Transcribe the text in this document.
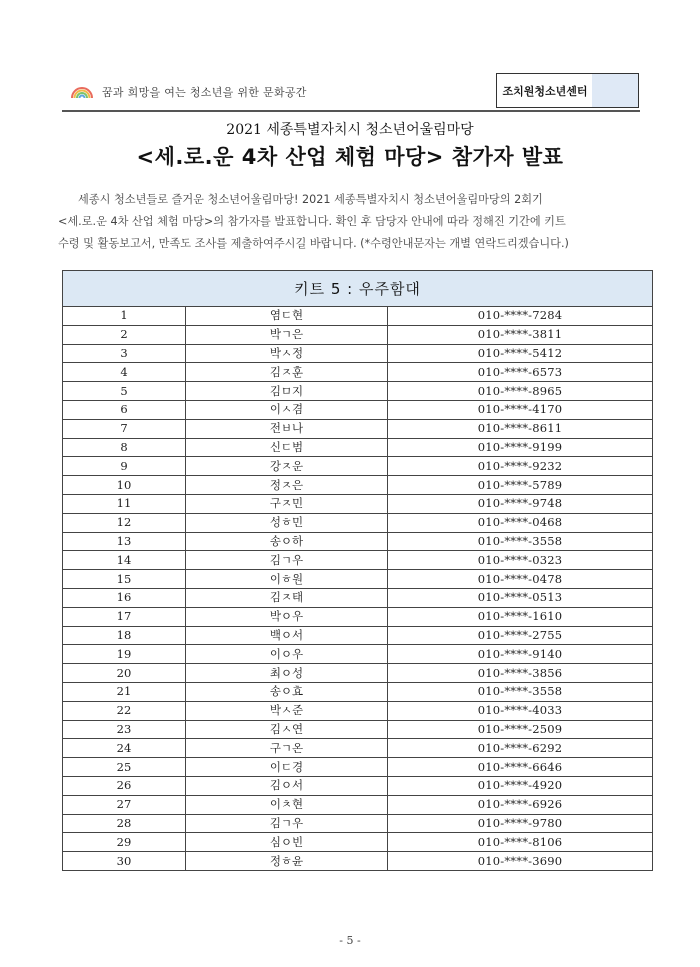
꿈과 희망을 여는 청소년을 위한 문화공간	조치원청소년센터
2021 세종특별자치시 청소년어울림마당
<세.로.운 4차 산업 체험 마당> 참가자 발표

세종시 청소년들로 즐거운 청소년어울림마당! 2021 세종특별자치시 청소년어울림마당의 2회기

<세.로.운 4차 산업 체험 마당>의 참가자를 발표합니다. 확인 후 담당자 안내에 따라 정해진 기간에 키트

수령 및 활동보고서, 만족도 조사를 제출하여주시길 바랍니다. (*수령안내문자는 개별 연락드리겠습니다.)

키트 5 : 우주함대		
1	염ㄷ현	010-****-7284
2	박ㄱ은	010-****-3811
3	박ㅅ정	010-****-5412
4	김ㅈ훈	010-****-6573
5	김ㅁ지	010-****-8965
6	이ㅅ겸	010-****-4170
7	전ㅂ나	010-****-8611
8	신ㄷ범	010-****-9199
9	강ㅈ운	010-****-9232
10	정ㅈ은	010-****-5789
11	구ㅈ민	010-****-9748
12	성ㅎ민	010-****-0468
13	송ㅇ하	010-****-3558
14	김ㄱ우	010-****-0323
15	이ㅎ원	010-****-0478
16	김ㅈ태	010-****-0513
17	박ㅇ우	010-****-1610
18	백ㅇ서	010-****-2755
19	이ㅇ우	010-****-9140
20	최ㅇ성	010-****-3856
21	송ㅇ효	010-****-3558
22	박ㅅ준	010-****-4033
23	김ㅅ연	010-****-2509
24	구ㄱ온	010-****-6292
25	이ㄷ경	010-****-6646
26	김ㅇ서	010-****-4920
27	이ㅊ현	010-****-6926
28	김ㄱ우	010-****-9780
29	심ㅇ빈	010-****-8106
30	정ㅎ윤	010-****-3690
- 5 -
